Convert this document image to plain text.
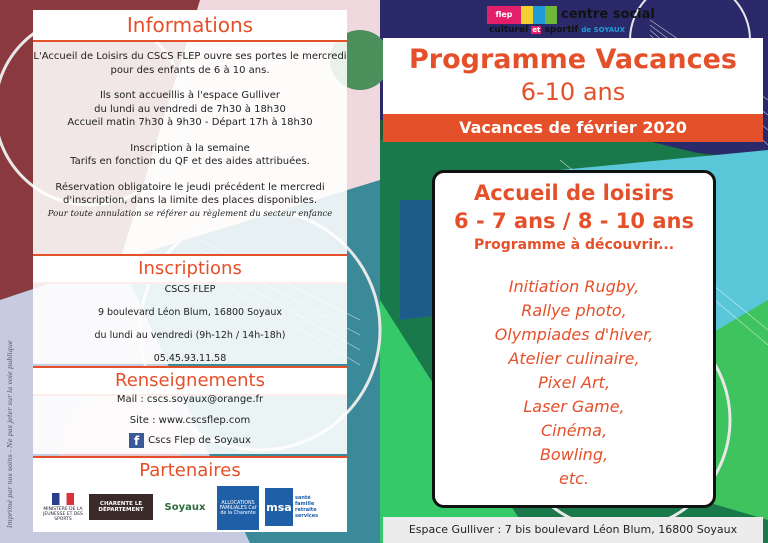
Imprimé par nos soins - Ne pas jeter sur la voie publique
Informations

L'Accueil de Loisirs du CSCS FLEP ouvre ses portes le mercredi pour des enfants de 6 à 10 ans.

Ils sont accueillis à l'espace Gulliver
du lundi au vendredi de 7h30 à 18h30
Accueil matin 7h30 à 9h30 - Départ 17h à 18h30

Inscription à la semaine
Tarifs en fonction du QF et des aides attribuées.

Réservation obligatoire le jeudi précédent le mercredi d'inscription, dans la limite des places disponibles.

Pour toute annulation se référer au règlement du secteur enfance
Inscriptions
CSCS FLEP
9 boulevard Léon Blum, 16800 Soyaux
du lundi au vendredi (9h-12h / 14h-18h)
05.45.93.11.58
Renseignements
Mail : cscs.soyaux@orange.fr
Site : www.cscsflep.com
f Cscs Flep de Soyaux
Partenaires
MINISTÈRE DE LA JEUNESSE ET DES SPORTS
CHARENTE LE DÉPARTEMENT	Soyaux	ALLOCATIONS FAMILIALES Caf de la Charente msa
santé famille retraite services
flep	centre social
culturel et sportif de SOYAUX
Programme Vacances
6-10 ans
Vacances de février 2020
Accueil de loisirs
6 - 7 ans / 8 - 10 ans
Programme à découvrir...
Initiation Rugby,
Rallye photo,
Olympiades d'hiver,
Atelier culinaire,
Pixel Art,
Laser Game,
Cinéma,
Bowling,
etc.
Espace Gulliver : 7 bis boulevard Léon Blum, 16800 Soyaux
